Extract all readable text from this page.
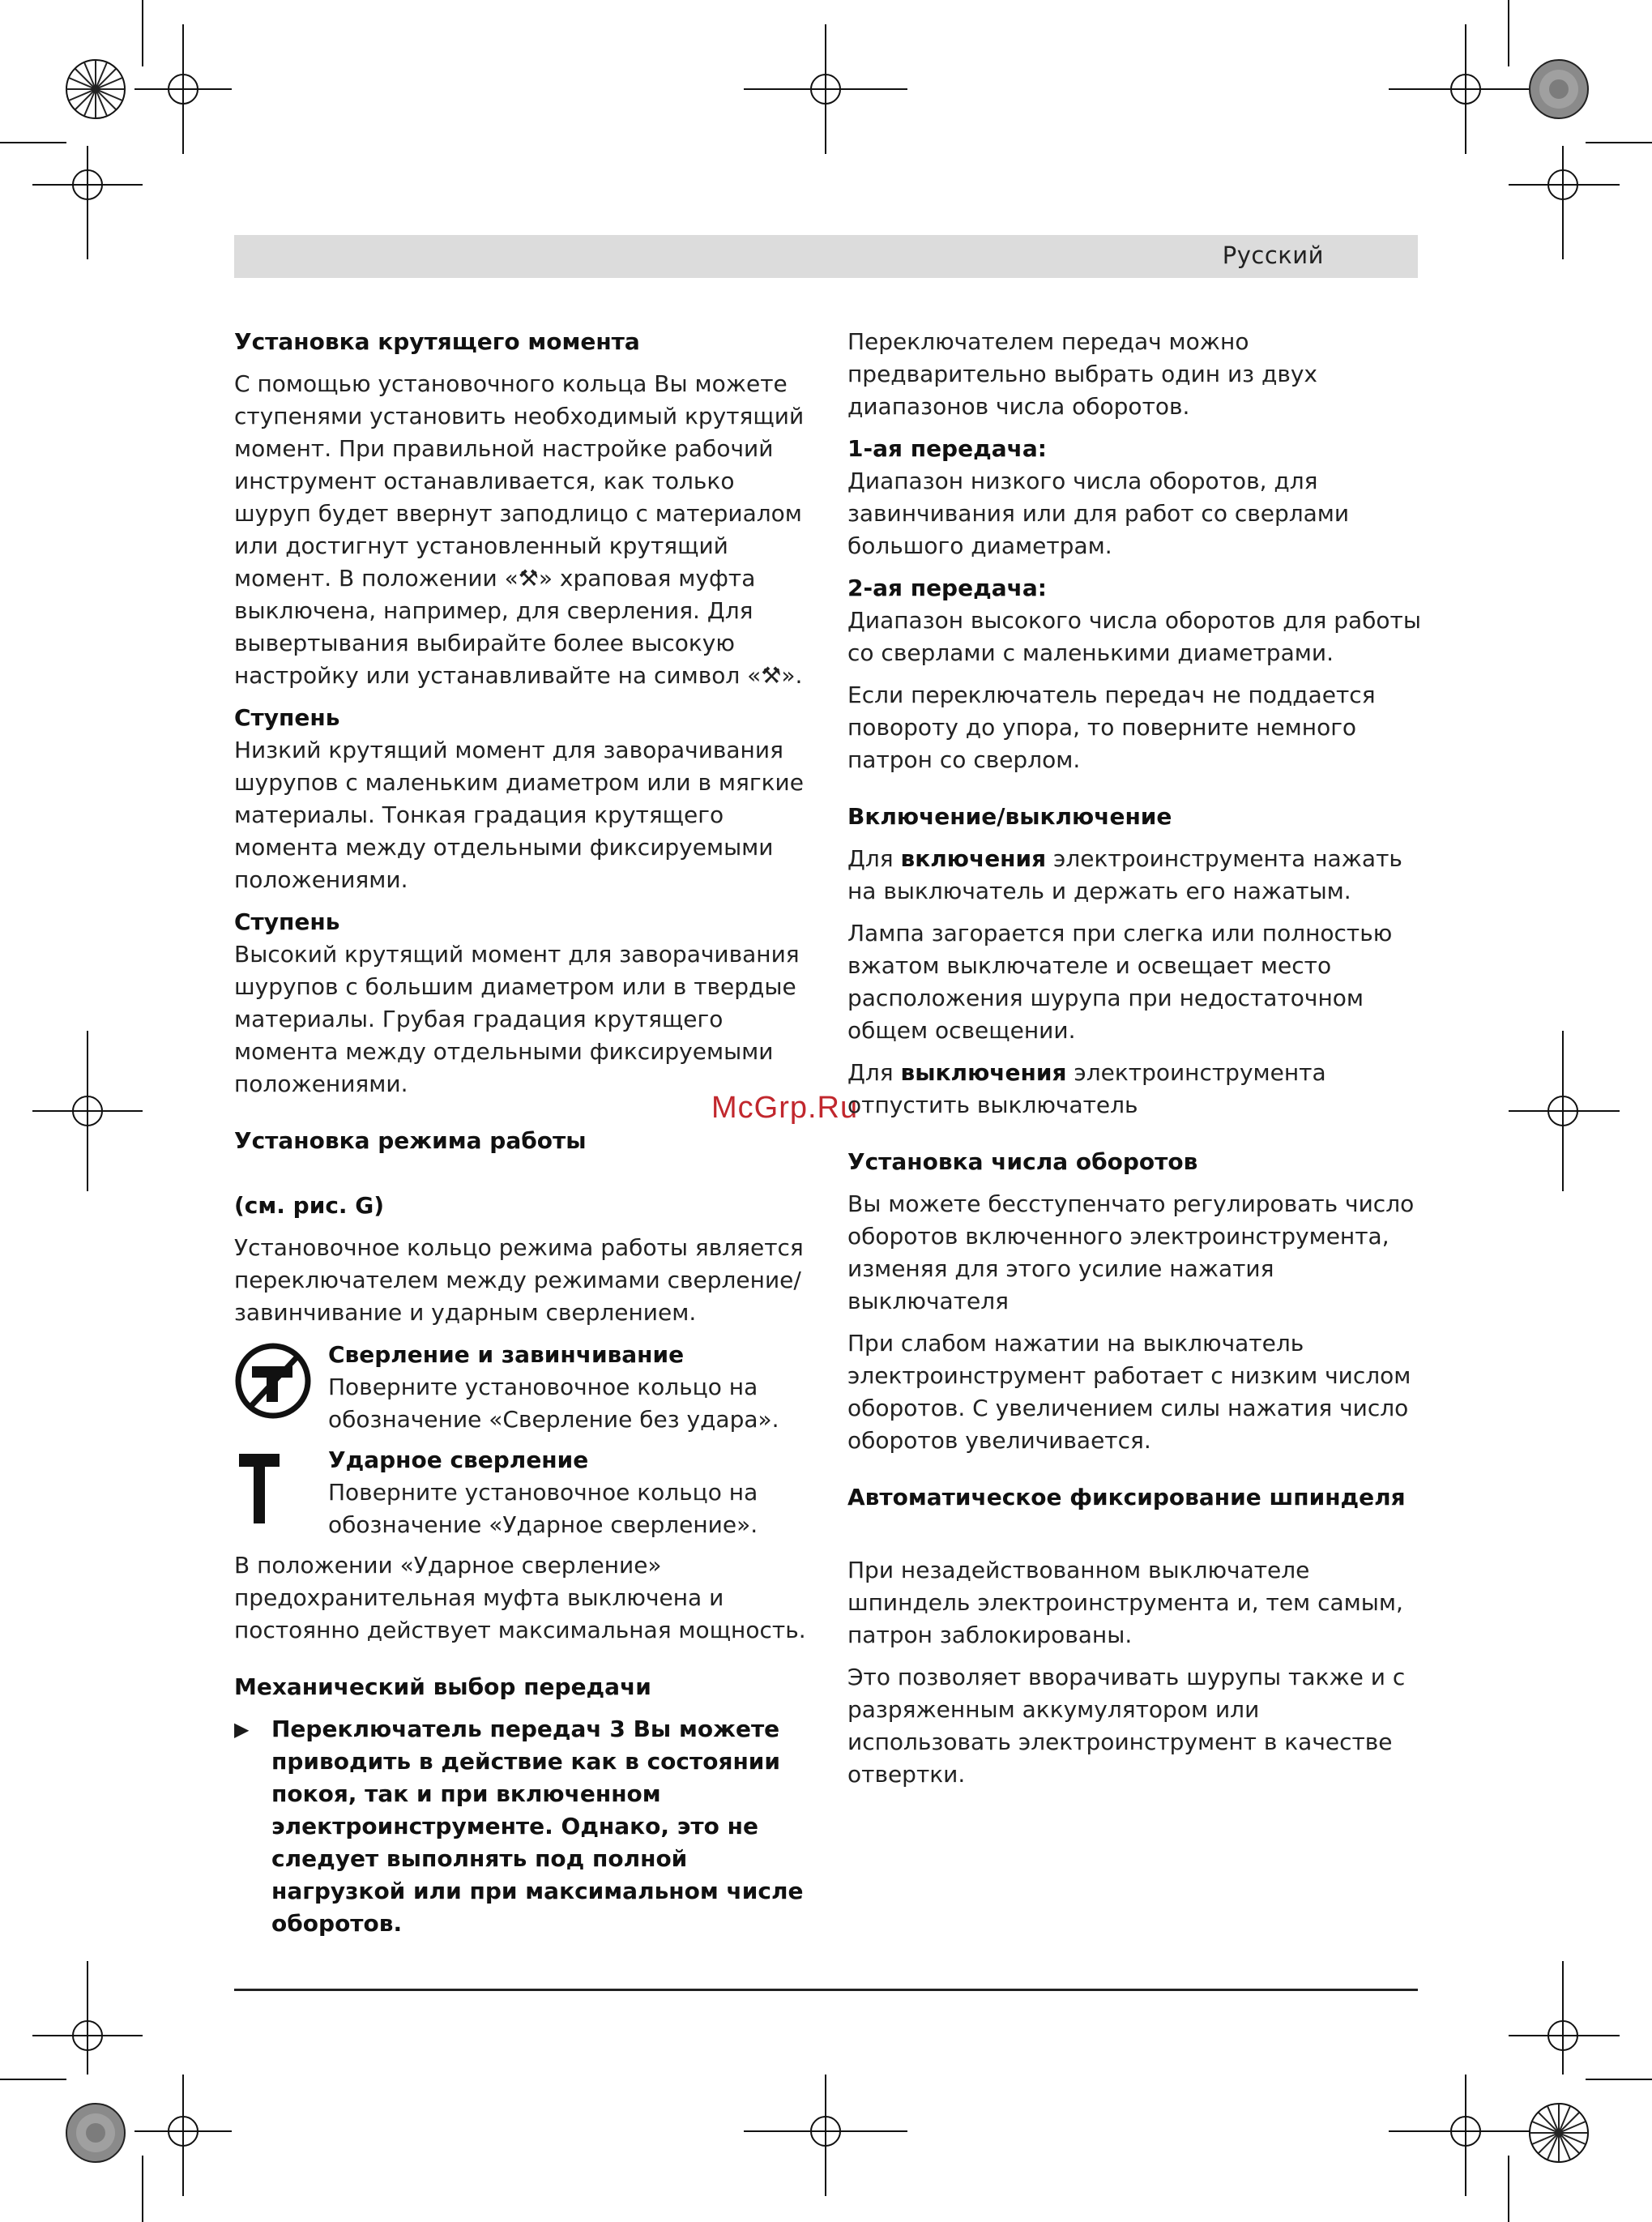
Русский
McGrp.Ru
Установка крутящего момента
С помощью установочного кольца Вы можете ступенями установить необходимый крутящий момент. При правильной настройке рабочий инструмент останавливается, как только шуруп будет ввернут заподлицо с материалом или достигнут установленный крутящий момент. В положении «⚒» храповая муфта выключена, например, для сверления. Для вывертывания выбирайте более высокую настройку или устанавливайте на символ «⚒».
Ступень
Низкий крутящий момент для заворачивания шурупов с маленьким диаметром или в мягкие материалы. Тонкая градация крутящего момента между отдельными фиксируемыми положениями.
Ступень
Высокий крутящий момент для заворачивания шурупов с большим диаметром или в твердые материалы. Грубая градация крутящего момента между отдельными фиксируемыми положениями.
Установка режима работы
(см. рис. G)
Установочное кольцо режима работы является переключателем между режимами сверление/завинчивание и ударным сверлением.
Сверление и завинчивание
Поверните установочное кольцо на обозначение «Сверление без удара».
Ударное сверление
Поверните установочное кольцо на обозначение «Ударное сверление».
В положении «Ударное сверление» предохранительная муфта выключена и постоянно действует максимальная мощность.
Механический выбор передачи
▶ Переключатель передач 3 Вы можете приводить в действие как в состоянии покоя, так и при включенном электроинструменте. Однако, это не следует выполнять под полной нагрузкой или при максимальном числе оборотов.
Переключателем передач можно предварительно выбрать один из двух диапазонов числа оборотов.
1-ая передача:
Диапазон низкого числа оборотов, для завинчивания или для работ со сверлами большого диаметрам.
2-ая передача:
Диапазон высокого числа оборотов для работы со сверлами с маленькими диаметрами.
Если переключатель передач не поддается повороту до упора, то поверните немного патрон со сверлом.
Включение/выключение
Для включения электроинструмента нажать на выключатель и держать его нажатым.
Лампа загорается при слегка или полностью вжатом выключателе и освещает место расположения шурупа при недостаточном общем освещении.
Для выключения электроинструмента отпустить выключатель
Установка числа оборотов
Вы можете бесступенчато регулировать число оборотов включенного электроинструмента, изменяя для этого усилие нажатия выключателя
При слабом нажатии на выключатель электроинструмент работает с низким числом оборотов. С увеличением силы нажатия число оборотов увеличивается.
Автоматическое фиксирование шпинделя
При незадействованном выключателе шпиндель электроинструмента и, тем самым, патрон заблокированы.
Это позволяет вворачивать шурупы также и с разряженным аккумулятором или использовать электроинструмент в качестве отвертки.
